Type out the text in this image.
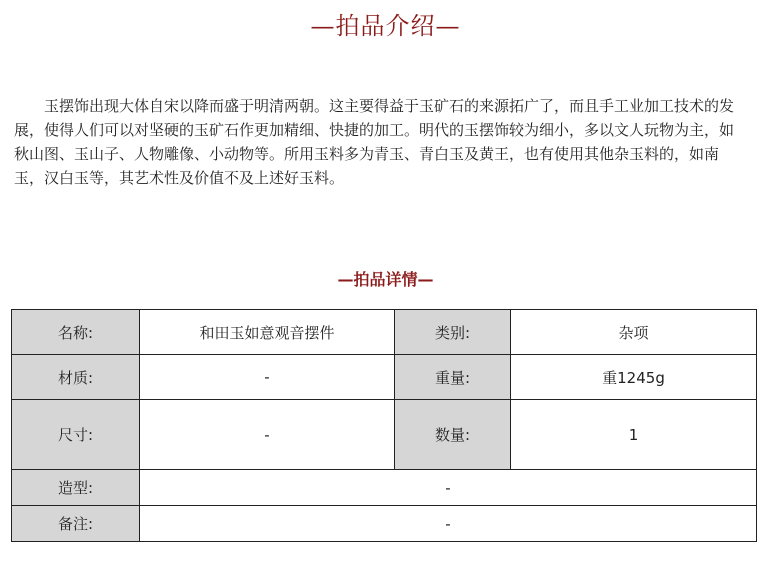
—拍品介绍—

　　玉摆饰出现大体自宋以降而盛于明清两朝。这主要得益于玉矿石的来源拓广了，而且手工业加工技术的发展，使得人们可以对坚硬的玉矿石作更加精细、快捷的加工。明代的玉摆饰较为细小，多以文人玩物为主，如秋山图、玉山子、人物雕像、小动物等。所用玉料多为青玉、青白玉及黄王，也有使用其他杂玉料的，如南玉，汉白玉等，其艺术性及价值不及上述好玉料。

—拍品详情—
名称:	和田玉如意观音摆件	类别:	杂项
材质:	-	重量:	重1245g
尺寸:	-	数量:	1
造型:	-		
备注:	-		
